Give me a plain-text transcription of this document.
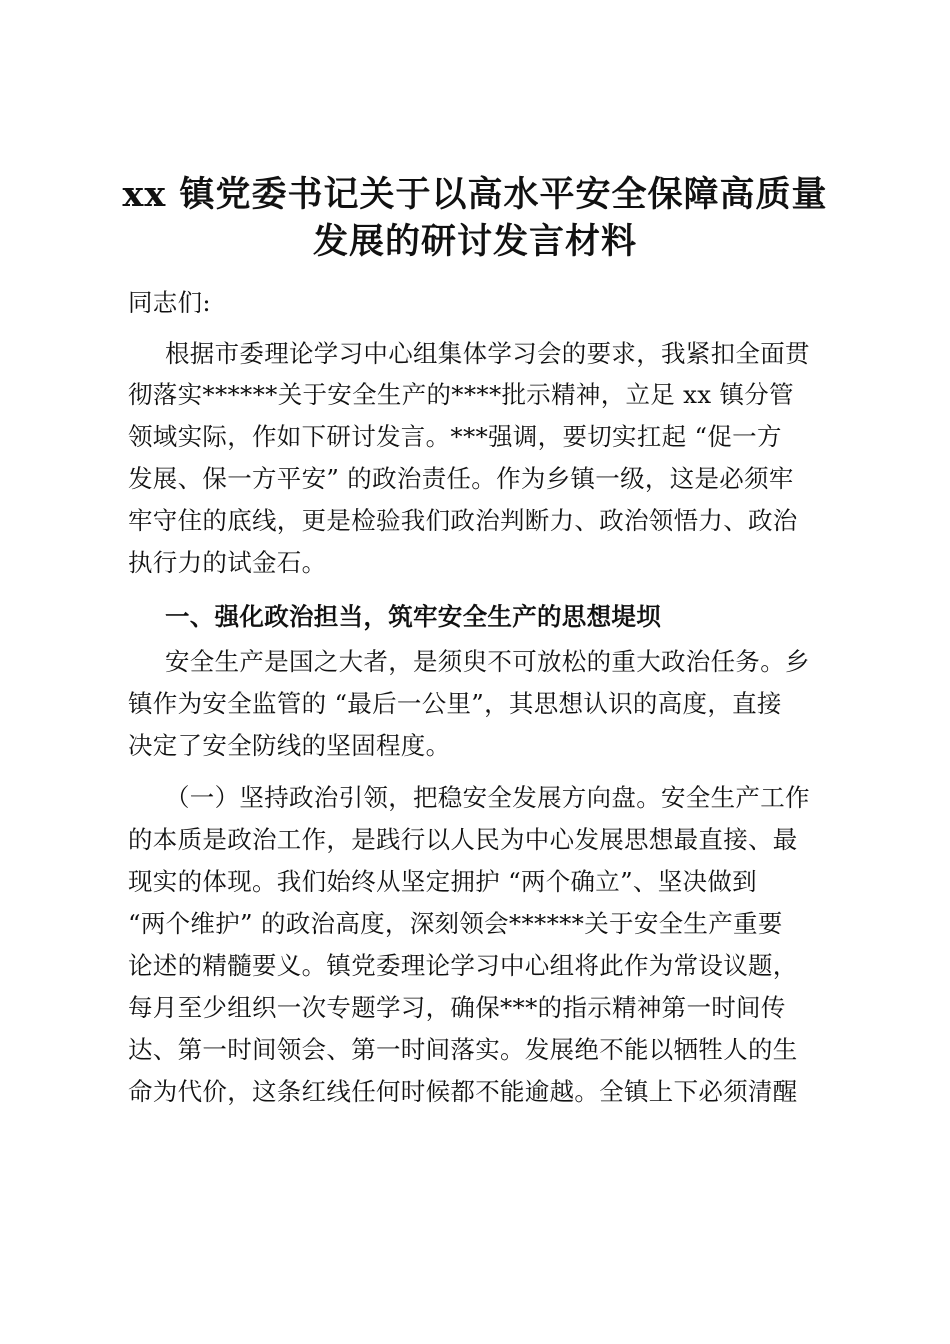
xx 镇党委书记关于以高水平安全保障高质量
发展的研讨发言材料
同志们:
根据市委理论学习中心组集体学习会的要求，我紧扣全面贯
彻落实******关于安全生产的****批示精神，立足 xx 镇分管
领域实际，作如下研讨发言。***强调，要切实扛起 “促一方
发展、保一方平安” 的政治责任。作为乡镇一级，这是必须牢
牢守住的底线，更是检验我们政治判断力、政治领悟力、政治
执行力的试金石。
一、强化政治担当，筑牢安全生产的思想堤坝
安全生产是国之大者，是须臾不可放松的重大政治任务。乡
镇作为安全监管的 “最后一公里”，其思想认识的高度，直接
决定了安全防线的坚固程度。
（一）坚持政治引领，把稳安全发展方向盘。安全生产工作
的本质是政治工作，是践行以人民为中心发展思想最直接、最
现实的体现。我们始终从坚定拥护 “两个确立”、坚决做到
“两个维护” 的政治高度，深刻领会******关于安全生产重要
论述的精髓要义。镇党委理论学习中心组将此作为常设议题，
每月至少组织一次专题学习，确保***的指示精神第一时间传
达、第一时间领会、第一时间落实。发展绝不能以牺牲人的生
命为代价，这条红线任何时候都不能逾越。全镇上下必须清醒
